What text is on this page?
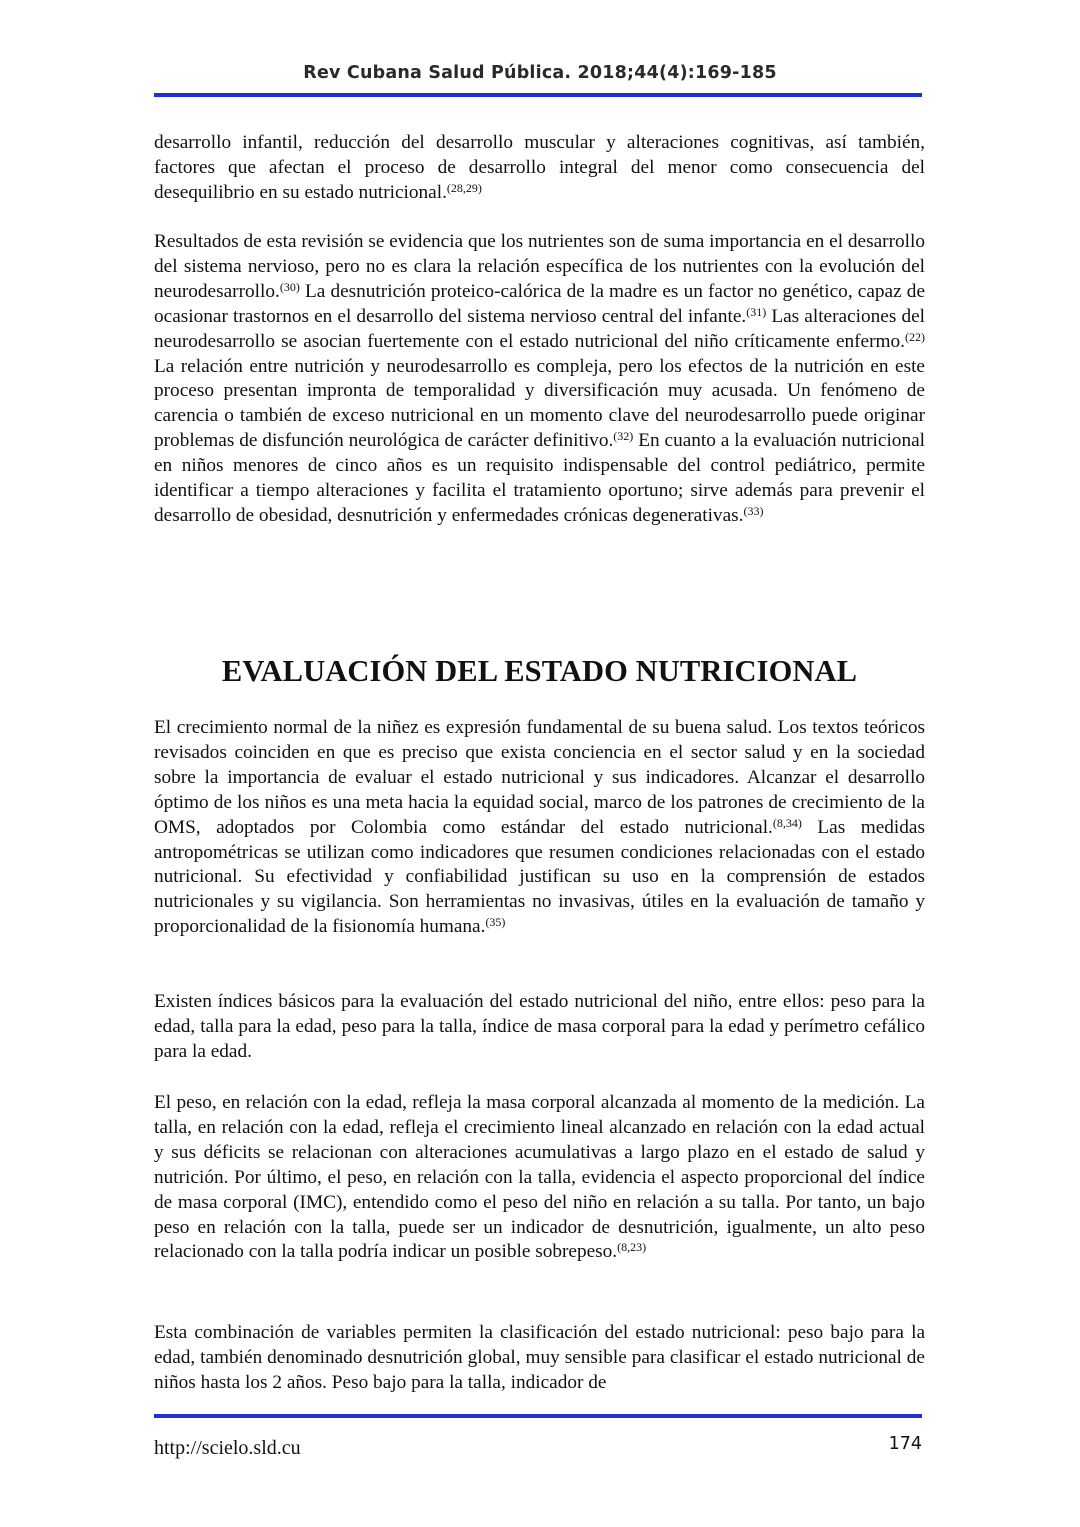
Rev Cubana Salud Pública. 2018;44(4):169-185

desarrollo infantil, reducción del desarrollo muscular y alteraciones cognitivas, así también, factores que afectan el proceso de desarrollo integral del menor como consecuencia del desequilibrio en su estado nutricional.$^{(28,29)}$

Resultados de esta revisión se evidencia que los nutrientes son de suma importancia en el desarrollo del sistema nervioso, pero no es clara la relación específica de los nutrientes con la evolución del neurodesarrollo.$^{(30)}$ La desnutrición proteico-calórica de la madre es un factor no genético, capaz de ocasionar trastornos en el desarrollo del sistema nervioso central del infante.$^{(31)}$ Las alteraciones del neurodesarrollo se asocian fuertemente con el estado nutricional del niño críticamente enfermo.$^{(22)}$ La relación entre nutrición y neurodesarrollo es compleja, pero los efectos de la nutrición en este proceso presentan impronta de temporalidad y diversificación muy acusada. Un fenómeno de carencia o también de exceso nutricional en un momento clave del neurodesarrollo puede originar problemas de disfunción neurológica de carácter definitivo.$^{(32)}$ En cuanto a la evaluación nutricional en niños menores de cinco años es un requisito indispensable del control pediátrico, permite identificar a tiempo alteraciones y facilita el tratamiento oportuno; sirve además para prevenir el desarrollo de obesidad, desnutrición y enfermedades crónicas degenerativas.$^{(33)}$

EVALUACIÓN DEL ESTADO NUTRICIONAL

El crecimiento normal de la niñez es expresión fundamental de su buena salud. Los textos teóricos revisados coinciden en que es preciso que exista conciencia en el sector salud y en la sociedad sobre la importancia de evaluar el estado nutricional y sus indicadores. Alcanzar el desarrollo óptimo de los niños es una meta hacia la equidad social, marco de los patrones de crecimiento de la OMS, adoptados por Colombia como estándar del estado nutricional.$^{(8,34)}$ Las medidas antropométricas se utilizan como indicadores que resumen condiciones relacionadas con el estado nutricional. Su efectividad y confiabilidad justifican su uso en la comprensión de estados nutricionales y su vigilancia. Son herramientas no invasivas, útiles en la evaluación de tamaño y proporcionalidad de la fisionomía humana.$^{(35)}$

Existen índices básicos para la evaluación del estado nutricional del niño, entre ellos: peso para la edad, talla para la edad, peso para la talla, índice de masa corporal para la edad y perímetro cefálico para la edad.

El peso, en relación con la edad, refleja la masa corporal alcanzada al momento de la medición. La talla, en relación con la edad, refleja el crecimiento lineal alcanzado en relación con la edad actual y sus déficits se relacionan con alteraciones acumulativas a largo plazo en el estado de salud y nutrición. Por último, el peso, en relación con la talla, evidencia el aspecto proporcional del índice de masa corporal (IMC), entendido como el peso del niño en relación a su talla. Por tanto, un bajo peso en relación con la talla, puede ser un indicador de desnutrición, igualmente, un alto peso relacionado con la talla podría indicar un posible sobrepeso.$^{(8,23)}$

Esta combinación de variables permiten la clasificación del estado nutricional: peso bajo para la edad, también denominado desnutrición global, muy sensible para clasificar el estado nutricional de niños hasta los 2 años. Peso bajo para la talla, indicador de

http://scielo.sld.cu	174
